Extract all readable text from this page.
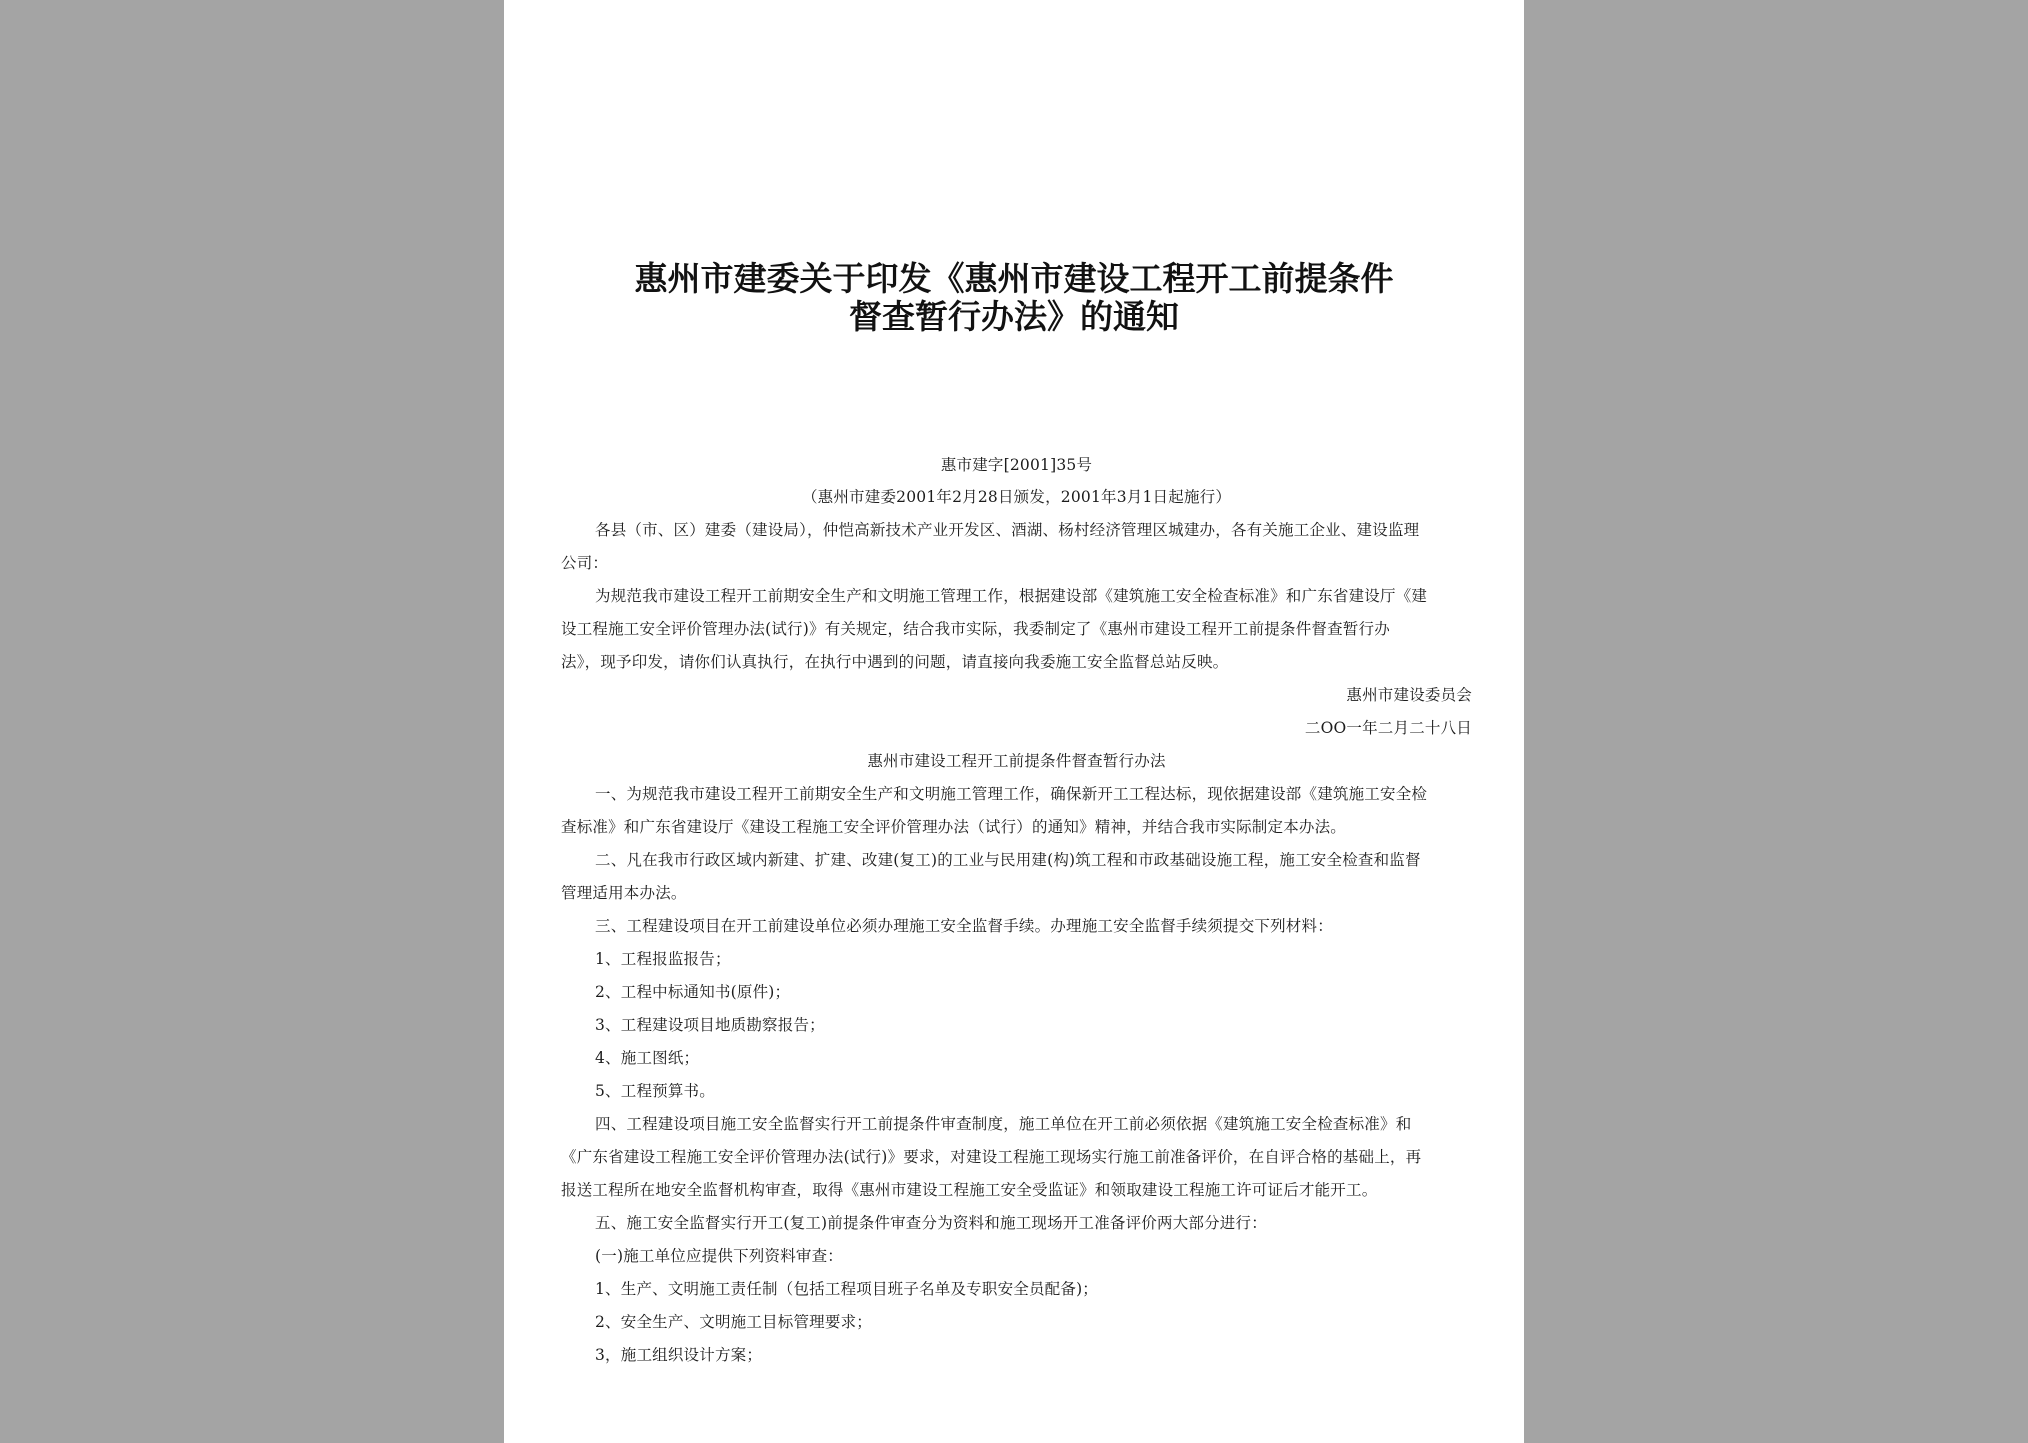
惠州市建委关于印发《惠州市建设工程开工前提条件
督查暂行办法》的通知
惠市建字[2001]35号
（惠州市建委2001年2月28日颁发，2001年3月1日起施行）
各县（市、区）建委（建设局），仲恺高新技术产业开发区、酒湖、杨村经济管理区城建办，各有关施工企业、建设监理
公司：
为规范我市建设工程开工前期安全生产和文明施工管理工作，根据建设部《建筑施工安全检查标准》和广东省建设厅《建
设工程施工安全评价管理办法(试行)》有关规定，结合我市实际，我委制定了《惠州市建设工程开工前提条件督查暂行办
法》，现予印发，请你们认真执行，在执行中遇到的问题，请直接向我委施工安全监督总站反映。
惠州市建设委员会
二OO一年二月二十八日
惠州市建设工程开工前提条件督查暂行办法
一、为规范我市建设工程开工前期安全生产和文明施工管理工作，确保新开工工程达标，现依据建设部《建筑施工安全检
查标准》和广东省建设厅《建设工程施工安全评价管理办法（试行）的通知》精神，并结合我市实际制定本办法。
二、凡在我市行政区域内新建、扩建、改建(复工)的工业与民用建(构)筑工程和市政基础设施工程，施工安全检查和监督
管理适用本办法。
三、工程建设项目在开工前建设单位必须办理施工安全监督手续。办理施工安全监督手续须提交下列材料：
1、工程报监报告；
2、工程中标通知书(原件)；
3、工程建设项目地质勘察报告；
4、施工图纸；
5、工程预算书。
四、工程建设项目施工安全监督实行开工前提条件审查制度，施工单位在开工前必须依据《建筑施工安全检查标准》和
《广东省建设工程施工安全评价管理办法(试行)》要求，对建设工程施工现场实行施工前准备评价，在自评合格的基础上，再
报送工程所在地安全监督机构审查，取得《惠州市建设工程施工安全受监证》和领取建设工程施工许可证后才能开工。
五、施工安全监督实行开工(复工)前提条件审查分为资料和施工现场开工准备评价两大部分进行：
(一)施工单位应提供下列资料审查：
1、生产、文明施工责任制（包括工程项目班子名单及专职安全员配备)；
2、安全生产、文明施工目标管理要求；
3，施工组织设计方案；
